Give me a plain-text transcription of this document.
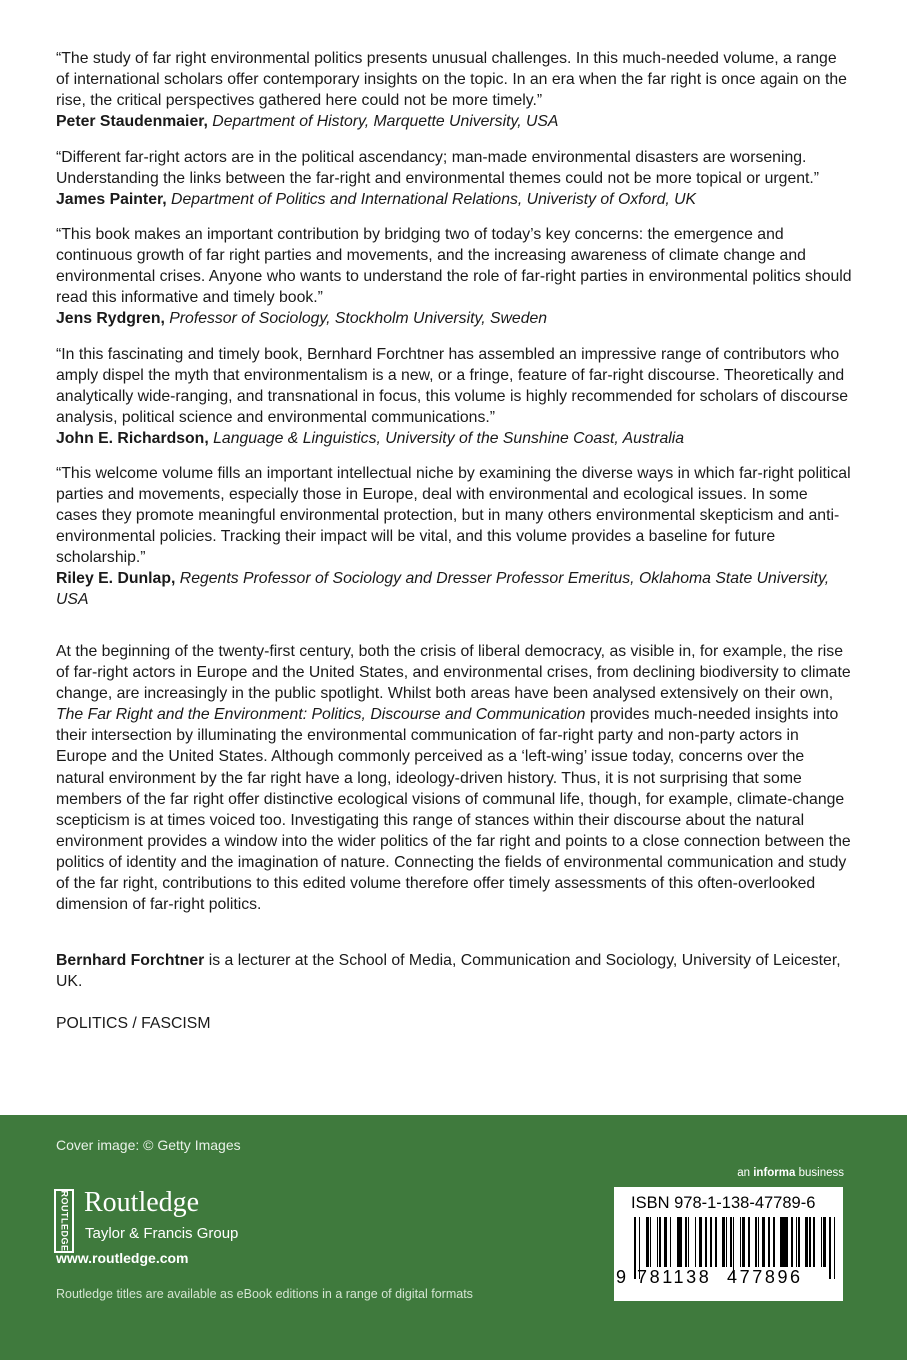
“The study of far right environmental politics presents unusual challenges. In this much-needed volume, a range of international scholars offer contemporary insights on the topic. In an era when the far right is once again on the rise, the critical perspectives gathered here could not be more timely.”
Peter Staudenmaier, Department of History, Marquette University, USA
“Different far-right actors are in the political ascendancy; man-made environmental disasters are worsening. Understanding the links between the far-right and environmental themes could not be more topical or urgent.”
James Painter, Department of Politics and International Relations, Univeristy of Oxford, UK
“This book makes an important contribution by bridging two of today’s key concerns: the emergence and continuous growth of far right parties and movements, and the increasing awareness of climate change and environmental crises. Anyone who wants to understand the role of far-right parties in environmental politics should read this informative and timely book.”
Jens Rydgren, Professor of Sociology, Stockholm University, Sweden
“In this fascinating and timely book, Bernhard Forchtner has assembled an impressive range of contributors who amply dispel the myth that environmentalism is a new, or a fringe, feature of far-right discourse. Theoretically and analytically wide-ranging, and transnational in focus, this volume is highly recommended for scholars of discourse analysis, political science and environmental communications.”
John E. Richardson, Language & Linguistics, University of the Sunshine Coast, Australia
“This welcome volume fills an important intellectual niche by examining the diverse ways in which far-right political parties and movements, especially those in Europe, deal with environmental and ecological issues. In some cases they promote meaningful environmental protection, but in many others environmental skepticism and anti-environmental policies. Tracking their impact will be vital, and this volume provides a baseline for future scholarship.”
Riley E. Dunlap, Regents Professor of Sociology and Dresser Professor Emeritus, Oklahoma State University, USA

At the beginning of the twenty-first century, both the crisis of liberal democracy, as visible in, for example, the rise of far-right actors in Europe and the United States, and environmental crises, from declining biodiversity to climate change, are increasingly in the public spotlight. Whilst both areas have been analysed extensively on their own, The Far Right and the Environment: Politics, Discourse and Communication provides much-needed insights into their intersection by illuminating the environmental communication of far-right party and non-party actors in Europe and the United States. Although commonly perceived as a ‘left-wing’ issue today, concerns over the natural environment by the far right have a long, ideology-driven history. Thus, it is not surprising that some members of the far right offer distinctive ecological visions of communal life, though, for example, climate-change scepticism is at times voiced too. Investigating this range of stances within their discourse about the natural environment provides a window into the wider politics of the far right and points to a close connection between the politics of identity and the imagination of nature. Connecting the fields of environmental communication and study of the far right, contributions to this edited volume therefore offer timely assessments of this often-overlooked dimension of far-right politics.

Bernhard Forchtner is a lecturer at the School of Media, Communication and Sociology, University of Leicester, UK.

POLITICS / FASCISM

Cover image: © Getty Images
ROUTLEDGE Routledge
Taylor & Francis Group
www.routledge.com
an informa business
ISBN 978-1-138-47789-6
9 781138 477896
Routledge titles are available as eBook editions in a range of digital formats
